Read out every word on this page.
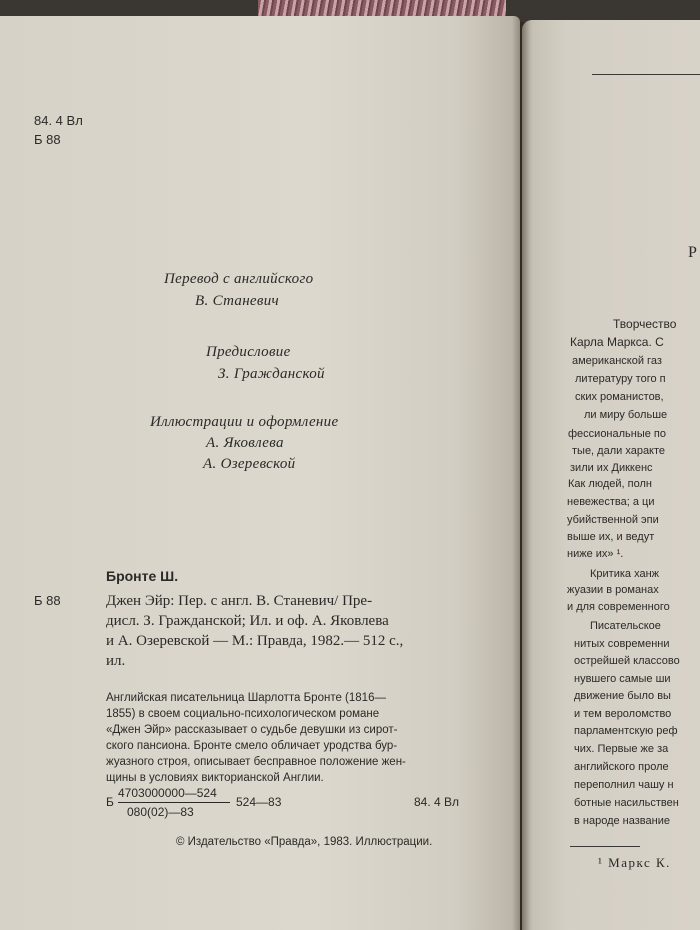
84. 4 Вл
Б 88
Перевод с английского
В. Станевич
Предисловие
З. Гражданской
Иллюстрации и оформление
А. Яковлева
А. Озеревской
Бронте Ш.
Б 88	Джен Эйр: Пер. с англ. В. Станевич/ Пре-
дисл. З. Гражданской; Ил. и оф. А. Яковлева
и А. Озеревской — М.: Правда, 1982.— 512 с.,
ил.
Английская писательница Шарлотта Бронте (1816—
1855) в своем социально-психологическом романе
«Джен Эйр» рассказывает о судьбе девушки из сирот-
ского пансиона. Бронте смело обличает уродства бур-
жуазного строя, описывает бесправное положение жен-
щины в условиях викторианской Англии.
Б
4703000000—524
080(02)—83
524—83	84. 4 Вл
© Издательство «Правда», 1983. Иллюстрации.
Р
Творчество
Карла Маркса. С
американской газ
литературу того п
ских романистов,
ли миру больше
фессиональные по
тые, дали характе
зили их Диккенс
Как людей, полн
невежества; а ци
убийственной эпи
выше их, и ведут
ниже их» ¹.
Критика ханж
жуазии в романах
и для современного
Писательское
нитых современни
острейшей классово
нувшего самые ши
движение было вы
и тем вероломство
парламентскую реф
чих. Первые же за
английского проле
переполнил чашу н
ботные насильствен
в народе название
¹ Маркс К.
